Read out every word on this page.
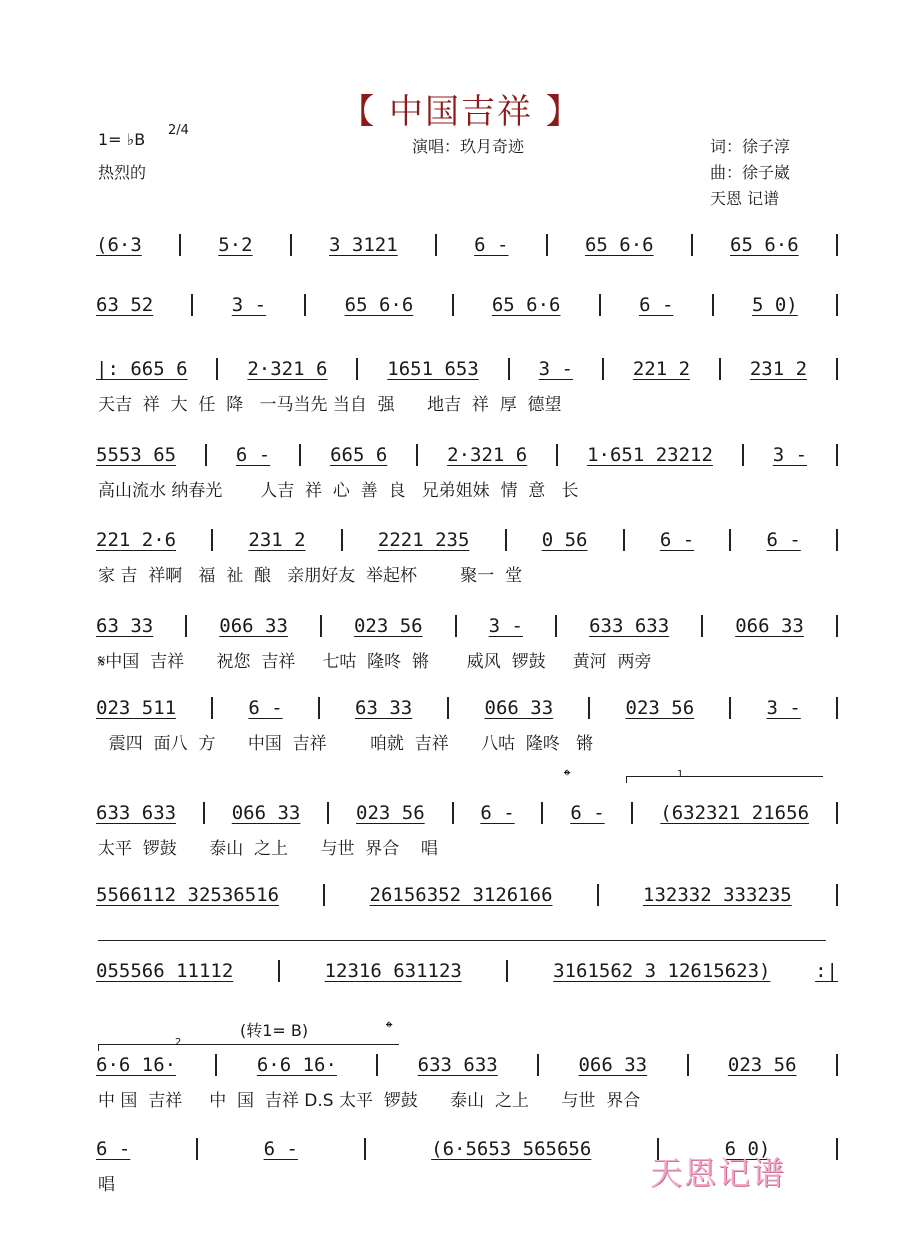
【 中国吉祥 】
1= ♭B 2/4
热烈的
演唱：玖月奇迹	词：徐子淳
曲：徐子崴
天恩 记谱
𝄌	1
2
(转1= B)	𝄌
(6·3	5·2	3 3121	6 -	65 6·6	65 6·6
63 52	3 -	65 6·6	65 6·6	6 -	5 0)
|: 665 6	2·321 6	1651 653	3 -	221 2	231 2
天吉  祥  大  任  降   一马当先 当自  强      地吉  祥  厚  德望
5553 65	6 -	665 6	2·321 6	1·651 23212	3 -
高山流水 纳春光       人吉  祥  心  善  良   兄弟姐妹  情  意   长
221 2·6	231 2	2221 235	0 56	6 -	6 -
家 吉  祥啊   福  祉  酿   亲朋好友  举起杯        聚一  堂
63 33	066 33	023 56	3 -	633 633	066 33
𝄋中国  吉祥      祝您  吉祥     七咕  隆咚  锵       威风  锣鼓     黄河  两旁
023 511	6 -	63 33	066 33	023 56	3 -
震四  面八  方      中国  吉祥        咱就  吉祥      八咕  隆咚   锵
633 633	066 33	023 56	6 -	6 -	(632321 21656
太平  锣鼓      泰山  之上      与世  界合    唱
5566112 32536516	26156352 3126166	132332 333235
055566 11112	12316 631123	3161562 3 12615623) :|
6·6 16·	6·6 16·	633 633	066 33	023 56
中 国  吉祥     中  国  吉祥 D.S 太平  锣鼓      泰山  之上      与世  界合
6 -	6 -	(6·5653 565656	6 0)
唱	天恩记谱
